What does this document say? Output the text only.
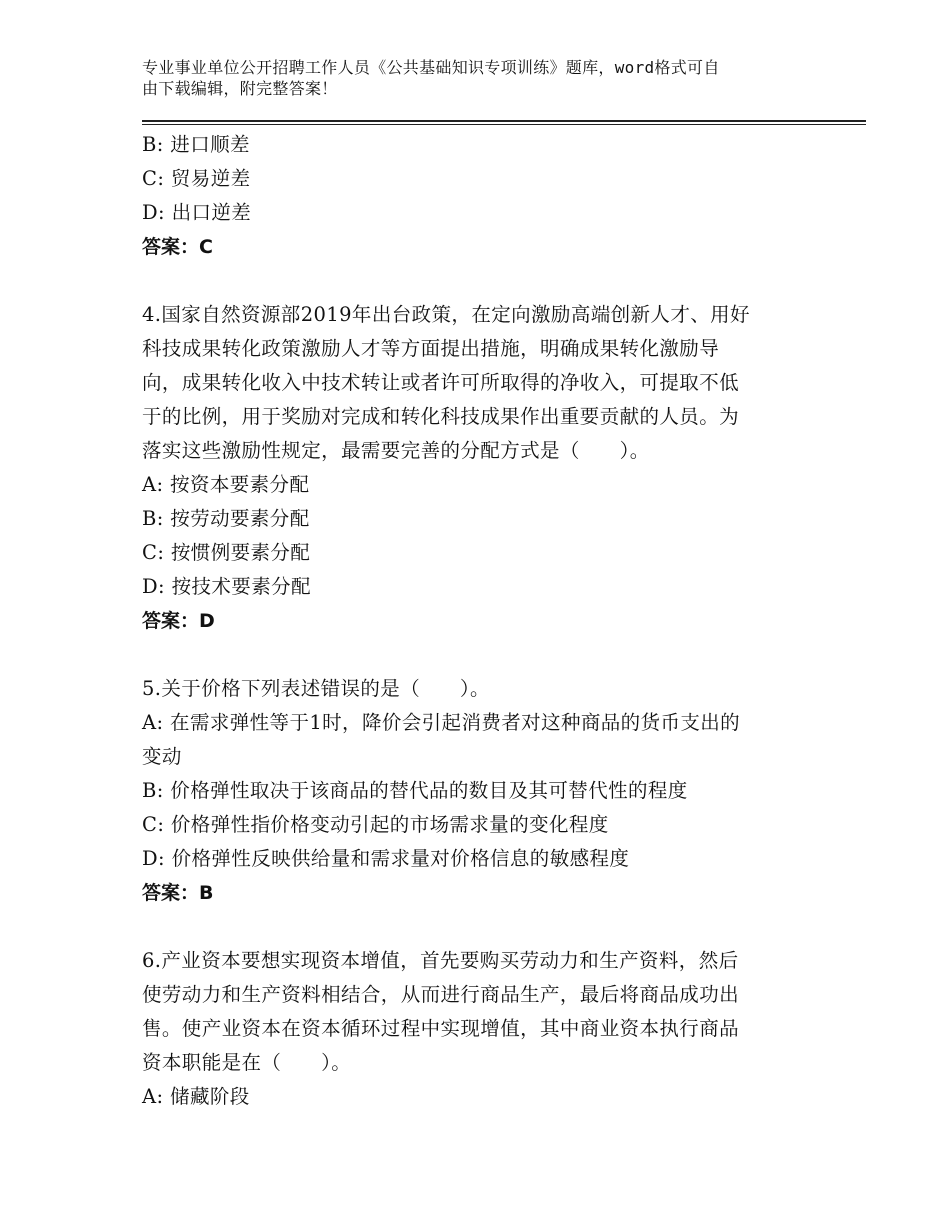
专业事业单位公开招聘工作人员《公共基础知识专项训练》题库，word格式可自
由下载编辑，附完整答案！
B: 进口顺差
C: 贸易逆差
D: 出口逆差
答案：C
4.国家自然资源部2019年出台政策，在定向激励高端创新人才、用好
科技成果转化政策激励人才等方面提出措施，明确成果转化激励导
向，成果转化收入中技术转让或者许可所取得的净收入，可提取不低
于的比例，用于奖励对完成和转化科技成果作出重要贡献的人员。为
落实这些激励性规定，最需要完善的分配方式是（　　）。
A: 按资本要素分配
B: 按劳动要素分配
C: 按惯例要素分配
D: 按技术要素分配
答案：D
5.关于价格下列表述错误的是（　　）。
A: 在需求弹性等于1时，降价会引起消费者对这种商品的货币支出的
变动
B: 价格弹性取决于该商品的替代品的数目及其可替代性的程度
C: 价格弹性指价格变动引起的市场需求量的变化程度
D: 价格弹性反映供给量和需求量对价格信息的敏感程度
答案：B
6.产业资本要想实现资本增值，首先要购买劳动力和生产资料，然后
使劳动力和生产资料相结合，从而进行商品生产，最后将商品成功出
售。使产业资本在资本循环过程中实现增值，其中商业资本执行商品
资本职能是在（　　）。
A: 储藏阶段
